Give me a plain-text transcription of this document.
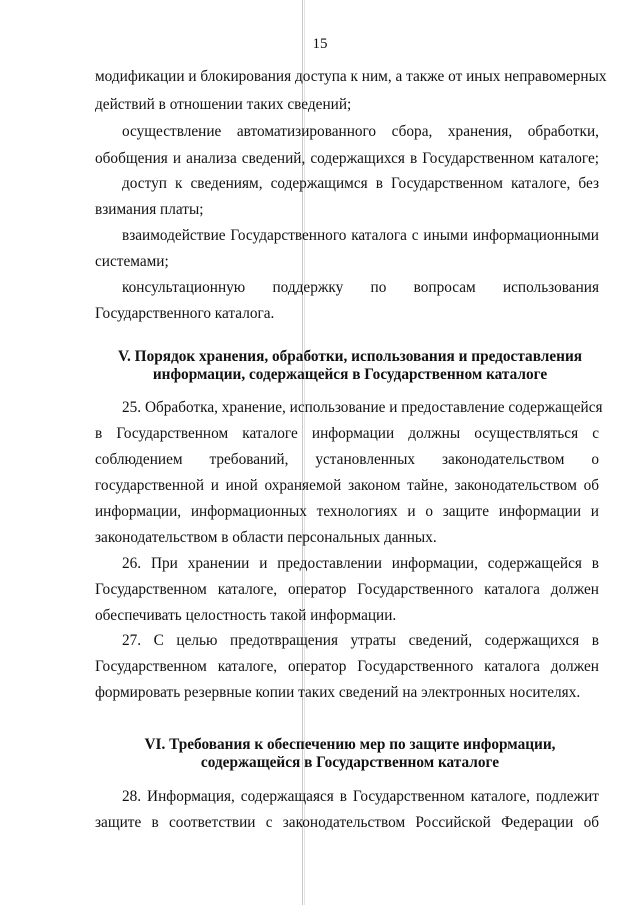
15
модификации и блокирования доступа к ним, а также от иных неправомерных
действий в отношении таких сведений;
осуществление автоматизированного сбора, хранения, обработки,
обобщения и анализа сведений, содержащихся в Государственном каталоге;
доступ к сведениям, содержащимся в Государственном каталоге, без
взимания платы;
взаимодействие Государственного каталога с иными информационными
системами;
консультационную поддержку по вопросам использования
Государственного каталога.
V. Порядок хранения, обработки, использования и предоставления
информации, содержащейся в Государственном каталоге
25. Обработка, хранение, использование и предоставление содержащейся
в Государственном каталоге информации должны осуществляться с
соблюдением требований, установленных законодательством о
государственной и иной охраняемой законом тайне, законодательством об
информации, информационных технологиях и о защите информации и
законодательством в области персональных данных.
26. При хранении и предоставлении информации, содержащейся в
Государственном каталоге, оператор Государственного каталога должен
обеспечивать целостность такой информации.
27. С целью предотвращения утраты сведений, содержащихся в
Государственном каталоге, оператор Государственного каталога должен
формировать резервные копии таких сведений на электронных носителях.
VI. Требования к обеспечению мер по защите информации,
содержащейся в Государственном каталоге
28. Информация, содержащаяся в Государственном каталоге, подлежит
защите в соответствии с законодательством Российской Федерации об
